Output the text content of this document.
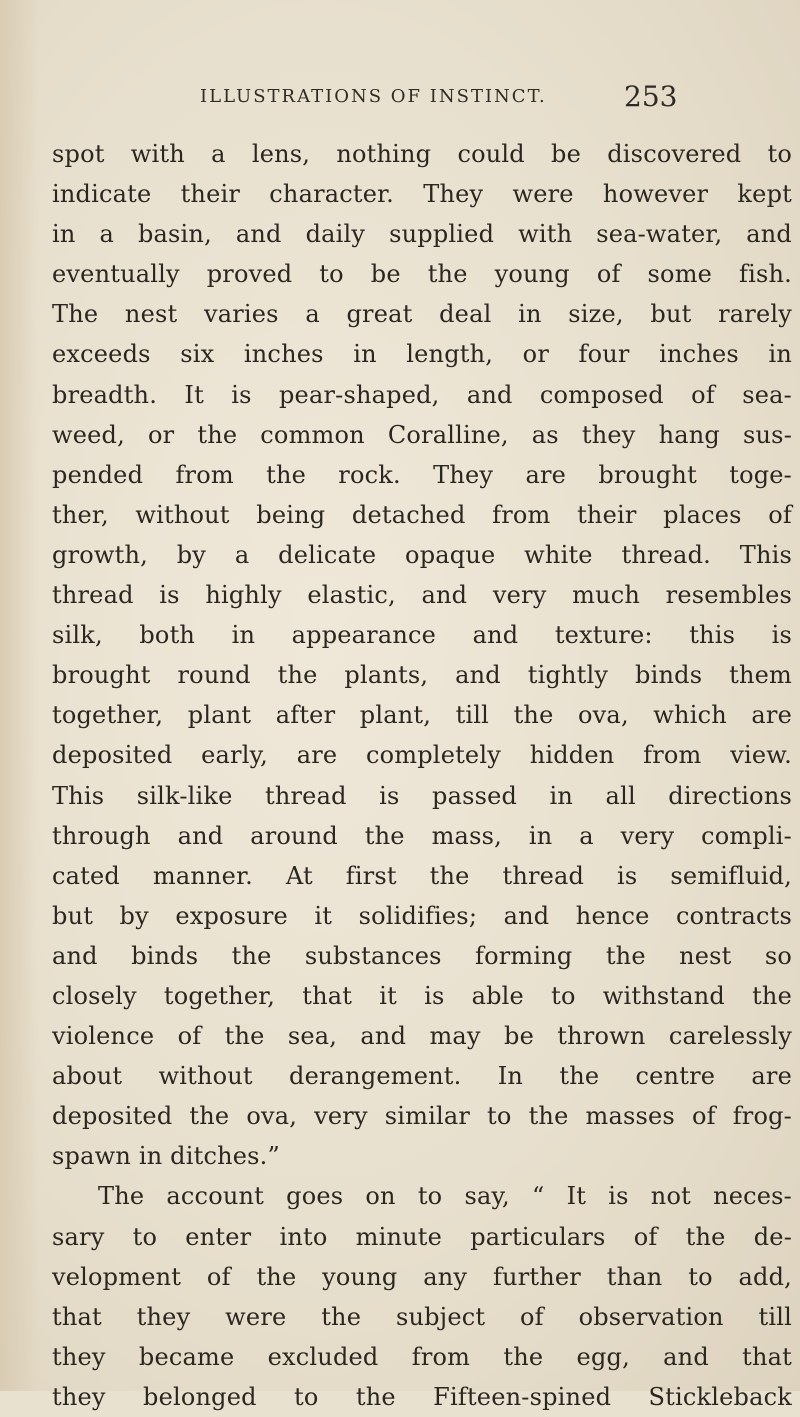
ILLUSTRATIONS OF INSTINCT.	253
spot with a lens, nothing could be discovered to
indicate their character. They were however kept
in a basin, and daily supplied with sea-water, and
eventually proved to be the young of some fish.
The nest varies a great deal in size, but rarely
exceeds six inches in length, or four inches in
breadth. It is pear-shaped, and composed of sea-
weed, or the common Coralline, as they hang sus-
pended from the rock. They are brought toge-
ther, without being detached from their places of
growth, by a delicate opaque white thread. This
thread is highly elastic, and very much resembles
silk, both in appearance and texture: this is
brought round the plants, and tightly binds them
together, plant after plant, till the ova, which are
deposited early, are completely hidden from view.
This silk-like thread is passed in all directions
through and around the mass, in a very compli-
cated manner. At first the thread is semifluid,
but by exposure it solidifies; and hence contracts
and binds the substances forming the nest so
closely together, that it is able to withstand the
violence of the sea, and may be thrown carelessly
about without derangement. In the centre are
deposited the ova, very similar to the masses of frog-
spawn in ditches.”
The account goes on to say, “ It is not neces-
sary to enter into minute particulars of the de-
velopment of the young any further than to add,
that they were the subject of observation till
they became excluded from the egg, and that
they belonged to the Fifteen-spined Stickleback
